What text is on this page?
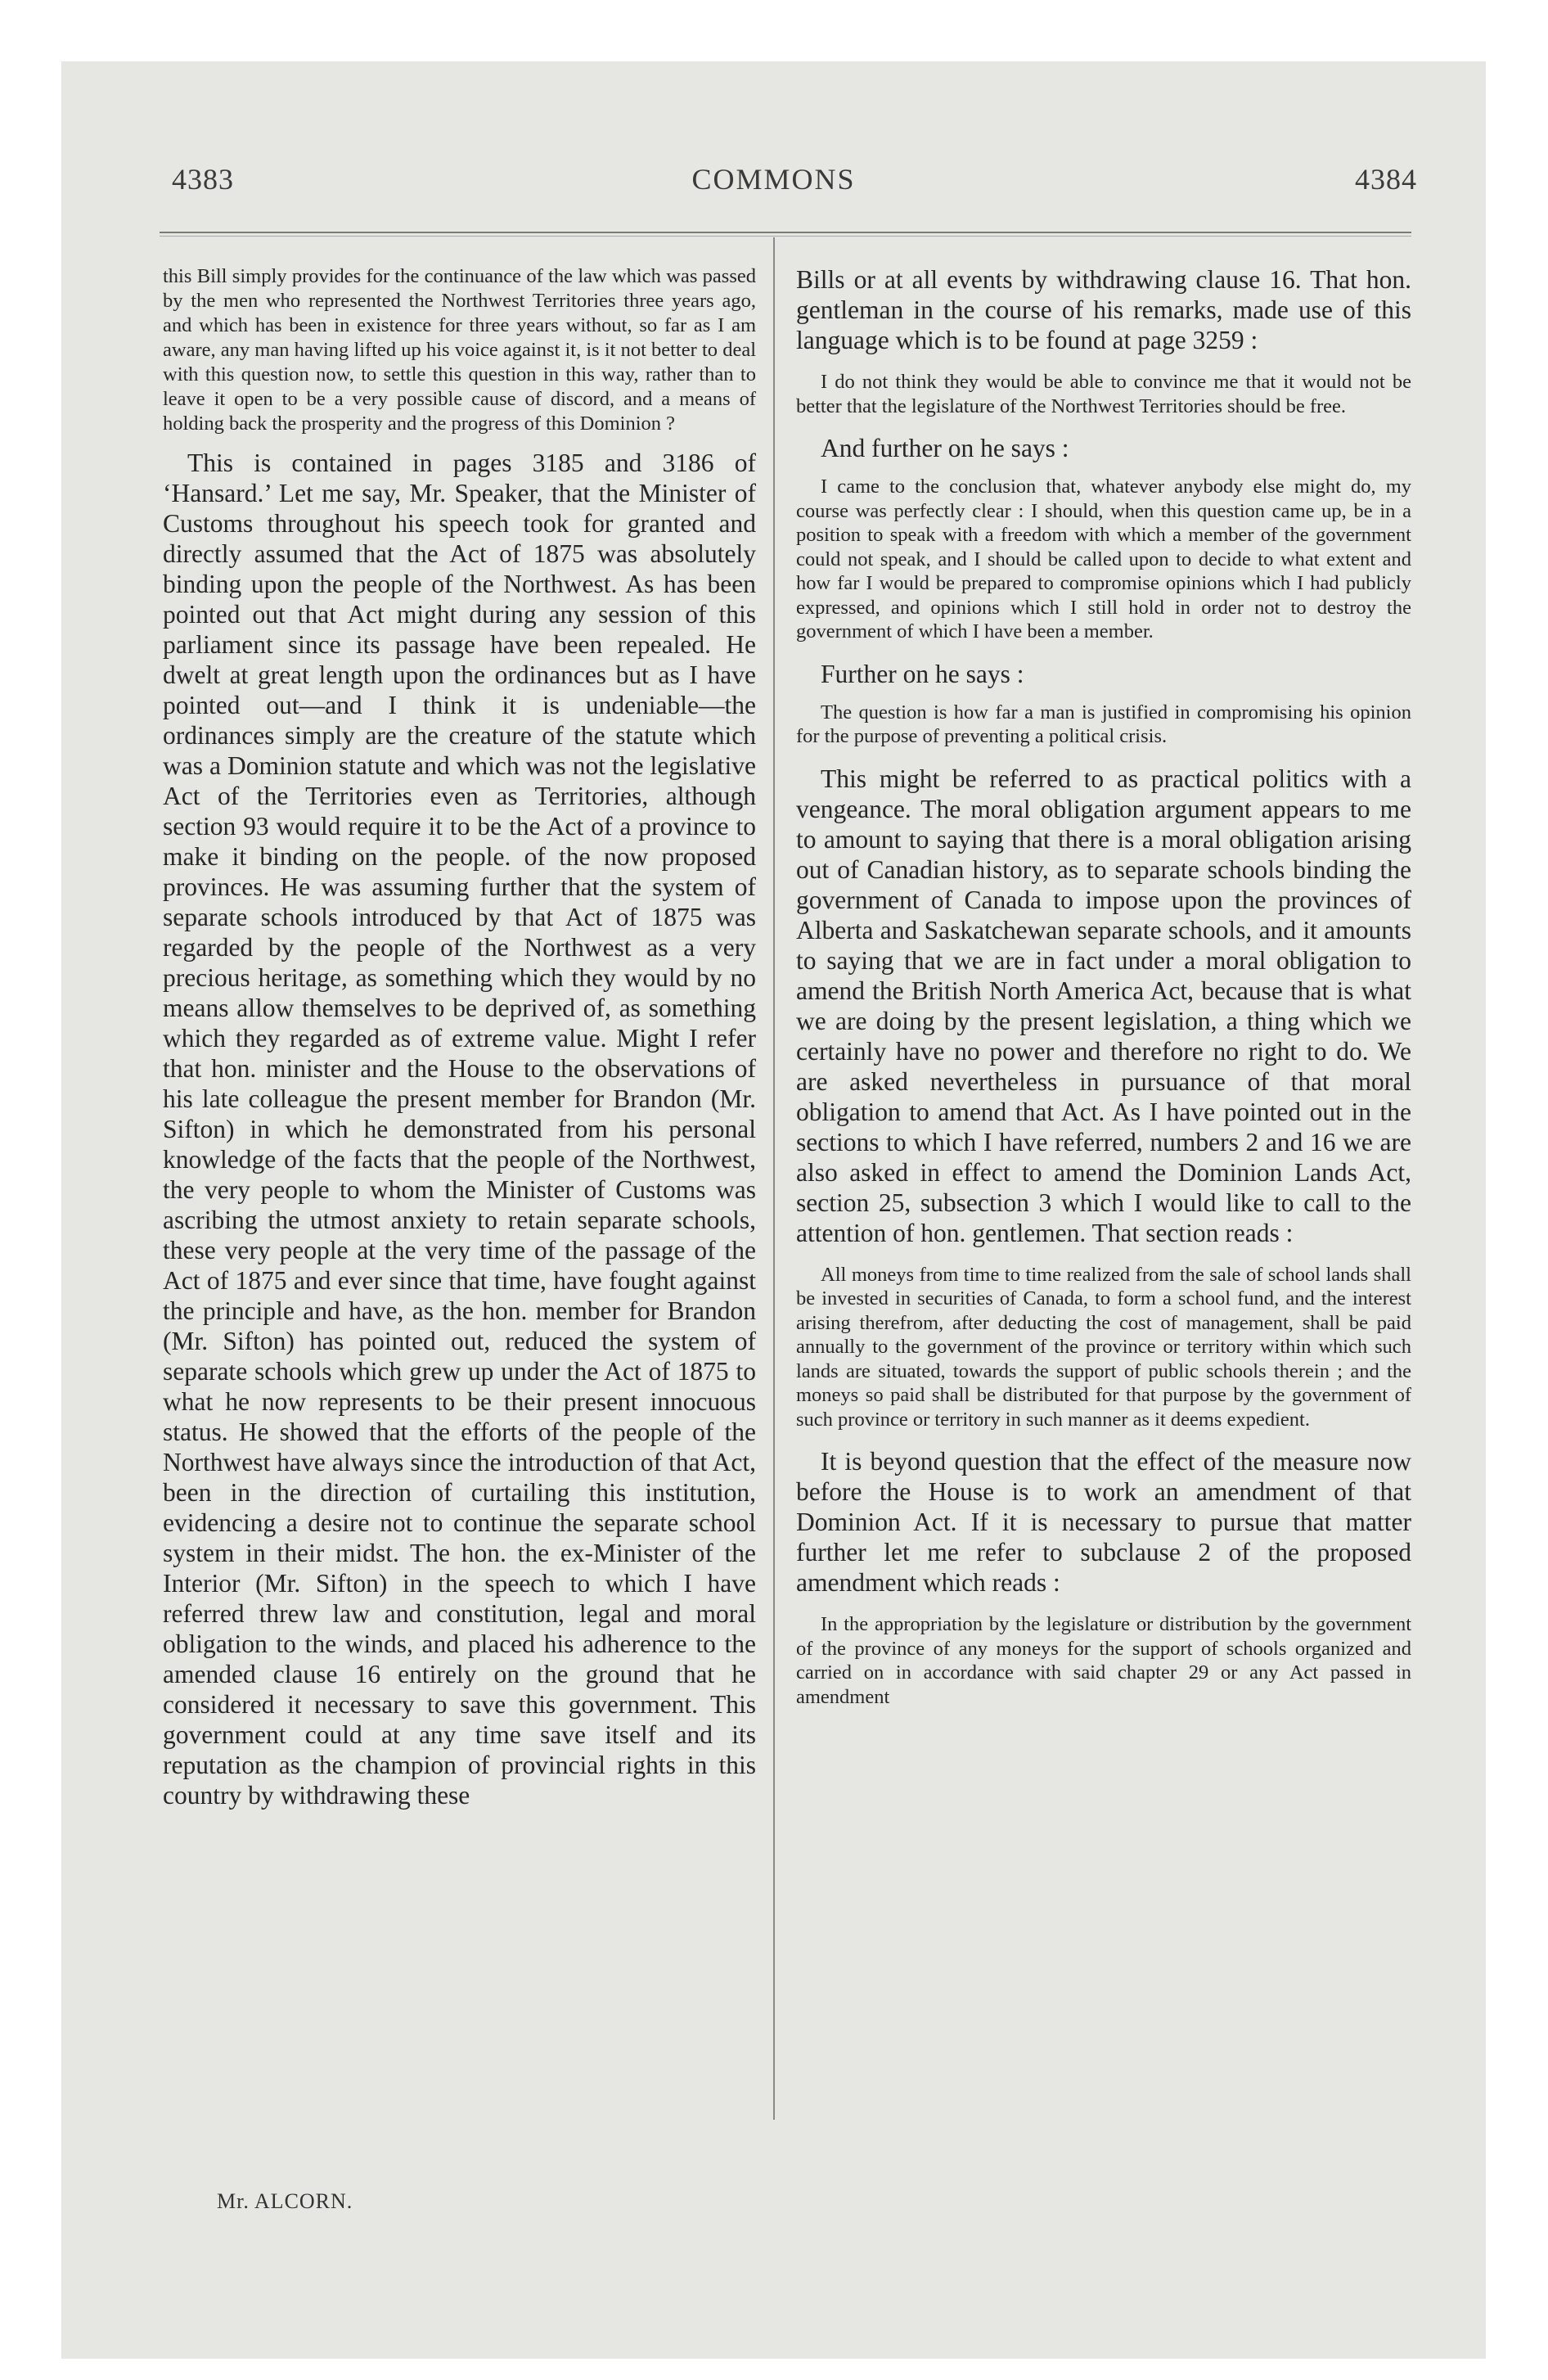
4383	COMMONS	4384

this Bill simply provides for the continuance of the law which was passed by the men who represented the Northwest Territories three years ago, and which has been in existence for three years without, so far as I am aware, any man having lifted up his voice against it, is it not better to deal with this question now, to settle this question in this way, rather than to leave it open to be a very possible cause of discord, and a means of holding back the prosperity and the progress of this Dominion ?

This is contained in pages 3185 and 3186 of ‘Hansard.’ Let me say, Mr. Speaker, that the Minister of Customs throughout his speech took for granted and directly assumed that the Act of 1875 was absolutely binding upon the people of the Northwest. As has been pointed out that Act might during any session of this parliament since its passage have been repealed. He dwelt at great length upon the ordinances but as I have pointed out—and I think it is undeniable—the ordinances simply are the creature of the statute which was a Dominion statute and which was not the legislative Act of the Territories even as Territories, although section 93 would require it to be the Act of a province to make it binding on the people. of the now proposed provinces. He was assuming further that the system of separate schools introduced by that Act of 1875 was regarded by the people of the Northwest as a very precious heritage, as something which they would by no means allow themselves to be deprived of, as something which they regarded as of extreme value. Might I refer that hon. minister and the House to the observations of his late colleague the present member for Brandon (Mr. Sifton) in which he demonstrated from his personal knowledge of the facts that the people of the Northwest, the very people to whom the Minister of Customs was ascribing the utmost anxiety to retain separate schools, these very people at the very time of the passage of the Act of 1875 and ever since that time, have fought against the principle and have, as the hon. member for Brandon (Mr. Sifton) has pointed out, reduced the system of separate schools which grew up under the Act of 1875 to what he now represents to be their present innocuous status. He showed that the efforts of the people of the Northwest have always since the introduction of that Act, been in the direction of curtailing this institution, evidencing a desire not to continue the separate school system in their midst. The hon. the ex-Minister of the Interior (Mr. Sifton) in the speech to which I have referred threw law and constitution, legal and moral obligation to the winds, and placed his adherence to the amended clause 16 entirely on the ground that he considered it necessary to save this government. This government could at any time save itself and its reputation as the champion of provincial rights in this country by withdrawing these

Bills or at all events by withdrawing clause 16. That hon. gentleman in the course of his remarks, made use of this language which is to be found at page 3259 :

I do not think they would be able to convince me that it would not be better that the legislature of the Northwest Territories should be free.

And further on he says :

I came to the conclusion that, whatever anybody else might do, my course was perfectly clear : I should, when this question came up, be in a position to speak with a freedom with which a member of the government could not speak, and I should be called upon to decide to what extent and how far I would be prepared to compromise opinions which I had publicly expressed, and opinions which I still hold in order not to destroy the government of which I have been a member.

Further on he says :

The question is how far a man is justified in compromising his opinion for the purpose of preventing a political crisis.

This might be referred to as practical politics with a vengeance. The moral obligation argument appears to me to amount to saying that there is a moral obligation arising out of Canadian history, as to separate schools binding the government of Canada to impose upon the provinces of Alberta and Saskatchewan separate schools, and it amounts to saying that we are in fact under a moral obligation to amend the British North America Act, because that is what we are doing by the present legislation, a thing which we certainly have no power and therefore no right to do. We are asked nevertheless in pursuance of that moral obligation to amend that Act. As I have pointed out in the sections to which I have referred, numbers 2 and 16 we are also asked in effect to amend the Dominion Lands Act, section 25, subsection 3 which I would like to call to the attention of hon. gentlemen. That section reads :

All moneys from time to time realized from the sale of school lands shall be invested in securities of Canada, to form a school fund, and the interest arising therefrom, after deducting the cost of management, shall be paid annually to the government of the province or territory within which such lands are situated, towards the support of public schools therein ; and the moneys so paid shall be distributed for that purpose by the government of such province or territory in such manner as it deems expedient.

It is beyond question that the effect of the measure now before the House is to work an amendment of that Dominion Act. If it is necessary to pursue that matter further let me refer to subclause 2 of the proposed amendment which reads :

In the appropriation by the legislature or distribution by the government of the province of any moneys for the support of schools organized and carried on in accordance with said chapter 29 or any Act passed in amendment

Mr. ALCORN.
